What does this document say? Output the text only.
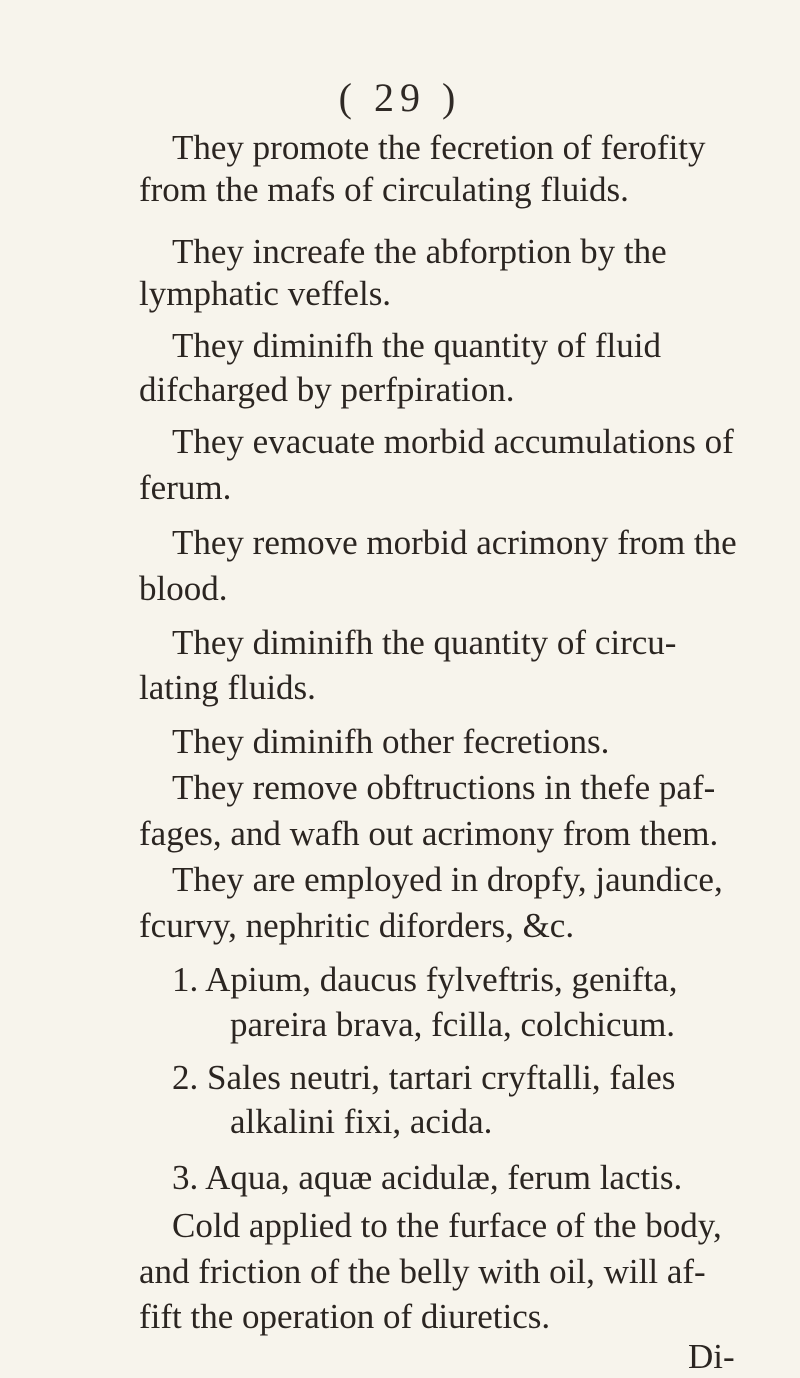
( 29 )
They promote the fecretion of ferofity
from the mafs of circulating fluids.
They increafe the abforption by the
lymphatic veffels.
They diminifh the quantity of fluid
difcharged by perfpiration.
They evacuate morbid accumulations of
ferum.
They remove morbid acrimony from the
blood.
They diminifh the quantity of circu-
lating fluids.
They diminifh other fecretions.
They remove obftructions in thefe paf-
fages, and wafh out acrimony from them.
They are employed in dropfy, jaundice,
fcurvy, nephritic diforders, &c.
1. Apium, daucus fylveftris, genifta,
pareira brava, fcilla, colchicum.
2. Sales neutri, tartari cryftalli, fales
alkalini fixi, acida.
3. Aqua, aquæ acidulæ, ferum lactis.
Cold applied to the furface of the body,
and friction of the belly with oil, will af-
fift the operation of diuretics.
Di-
